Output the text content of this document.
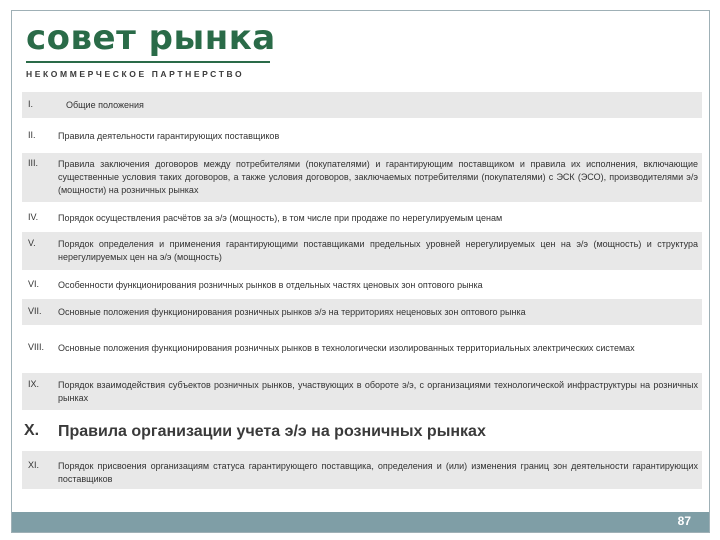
совет рынка
НЕКОММЕРЧЕСКОЕ ПАРТНЕРСТВО
I.	Общие положения
II. Правила деятельности гарантирующих поставщиков
III. Правила заключения договоров между потребителями (покупателями) и гарантирующим поставщиком и правила их исполнения, включающие существенные условия таких договоров, а также условия договоров, заключаемых потребителями (покупателями) с ЭСК (ЭСО), производителями э/э (мощности) на розничных рынках
IV. Порядок осуществления расчётов за э/э (мощность), в том числе при продаже по нерегулируемым ценам
V. Порядок определения и применения гарантирующими поставщиками предельных уровней нерегулируемых цен на э/э (мощность) и структура нерегулируемых цен на э/э (мощность)
VI. Особенности функционирования розничных рынков в отдельных частях ценовых зон оптового рынка
VII. Основные положения функционирования розничных рынков э/э на территориях неценовых зон оптового рынка
VIII. Основные положения функционирования розничных рынков в технологически изолированных территориальных электрических системах
IX. Порядок взаимодействия субъектов розничных рынков, участвующих в обороте э/э, с организациями технологической инфраструктуры на розничных рынках
X. Правила организации учета э/э на розничных рынках
XI. Порядок присвоения организациям статуса гарантирующего поставщика, определения и (или) изменения границ зон деятельности гарантирующих поставщиков
87
